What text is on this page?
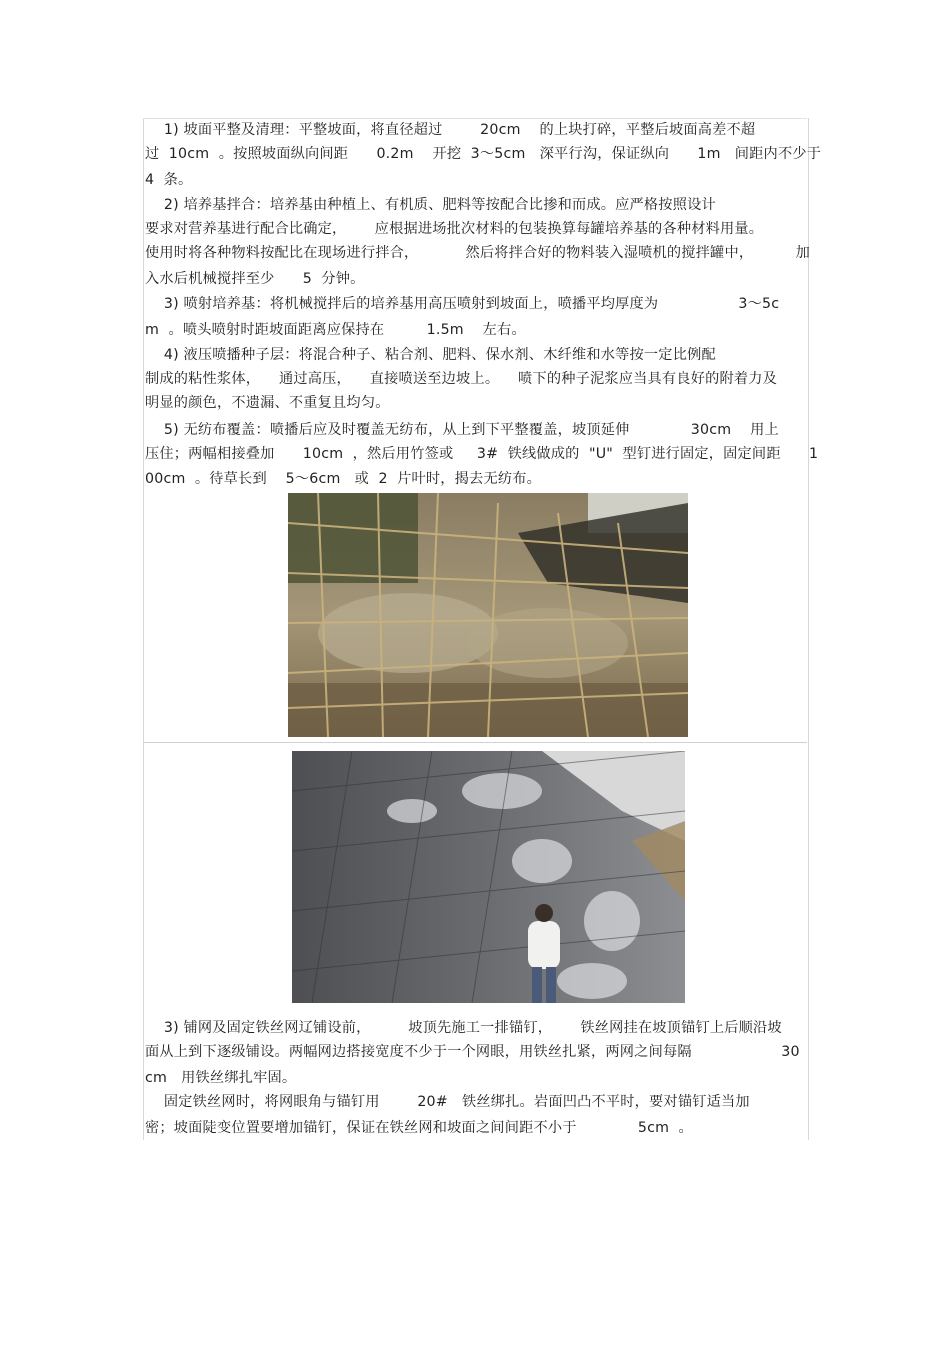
1) 坡面平整及清理：平整坡面，将直径超过        20cm    的上块打碎，平整后坡面高差不超
过  10cm  。按照坡面纵向间距      0.2m    开挖  3～5cm   深平行沟，保证纵向      1m   间距内不少于
4  条。
2) 培养基拌合：培养基由种植上、有机质、肥料等按配合比掺和而成。应严格按照设计
要求对营养基进行配合比确定，      应根据进场批次材料的包装换算每罐培养基的各种材料用量。
使用时将各种物料按配比在现场进行拌合，          然后将拌合好的物料装入湿喷机的搅拌罐中，         加
入水后机械搅拌至少      5  分钟。
3) 喷射培养基：将机械搅拌后的培养基用高压喷射到坡面上，喷播平均厚度为                 3～5c
m  。喷头喷射时距坡面距离应保持在         1.5m    左右。
4) 液压喷播种子层：将混合种子、粘合剂、肥料、保水剂、木纤维和水等按一定比例配
制成的粘性浆体，    通过高压，    直接喷送至边坡上。    喷下的种子泥浆应当具有良好的附着力及
明显的颜色，不遗漏、不重复且均匀。
5) 无纺布覆盖：喷播后应及时覆盖无纺布，从上到下平整覆盖，坡顶延伸             30cm    用上
压住；两幅相接叠加      10cm  ，然后用竹签或     3#  铁线做成的  "U"  型钉进行固定，固定间距      1
00cm  。待草长到    5～6cm   或  2  片叶时，揭去无纺布。
3) 铺网及固定铁丝网辽铺设前，        坡顶先施工一排锚钉，      铁丝网挂在坡顶锚钉上后顺沿坡
面从上到下逐级铺设。两幅网边搭接宽度不少于一个网眼，用铁丝扎紧，两网之间每隔                   30
cm   用铁丝绑扎牢固。
固定铁丝网时，将网眼角与锚钉用        20#   铁丝绑扎。岩面凹凸不平时，要对锚钉适当加
密；坡面陡变位置要增加锚钉，保证在铁丝网和坡面之间间距不小于             5cm  。
